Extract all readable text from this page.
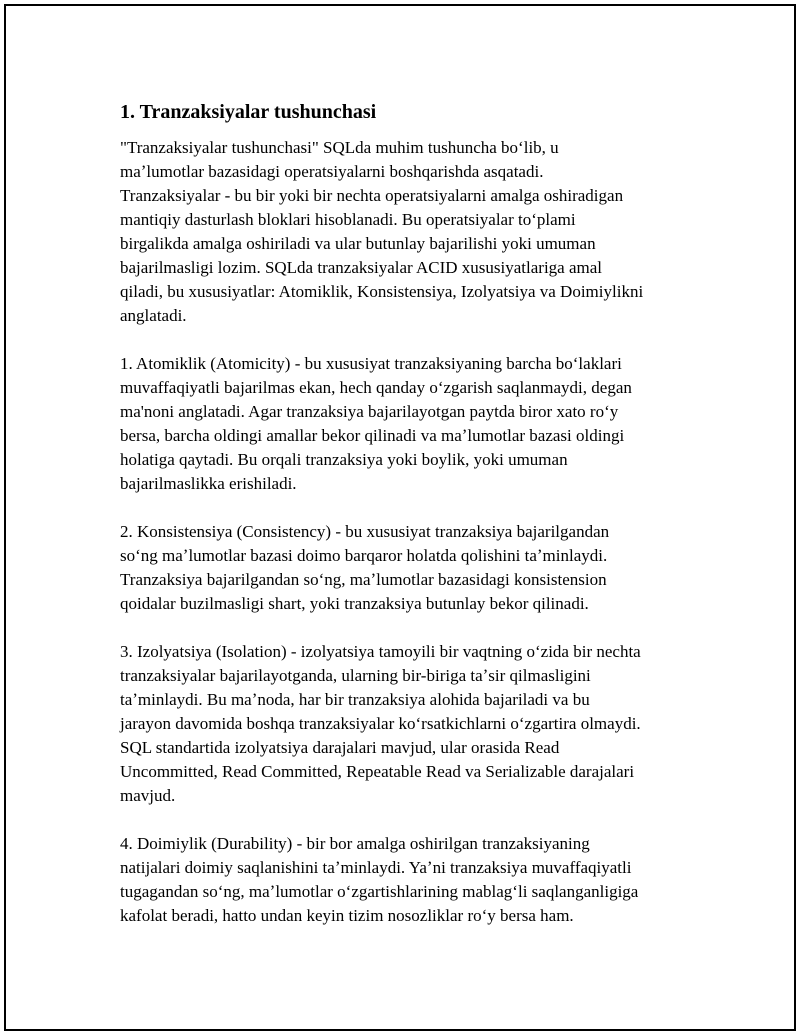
1. Tranzaksiyalar tushunchasi

"Tranzaksiyalar tushunchasi" SQLda muhim tushuncha boʻlib, u
maʼlumotlar bazasidagi operatsiyalarni boshqarishda asqatadi.
Tranzaksiyalar - bu bir yoki bir nechta operatsiyalarni amalga oshiradigan
mantiqiy dasturlash bloklari hisoblanadi. Bu operatsiyalar toʻplami
birgalikda amalga oshiriladi va ular butunlay bajarilishi yoki umuman
bajarilmasligi lozim. SQLda tranzaksiyalar ACID xususiyatlariga amal
qiladi, bu xususiyatlar: Atomiklik, Konsistensiya, Izolyatsiya va Doimiylikni
anglatadi.

1. Atomiklik (Atomicity) - bu xususiyat tranzaksiyaning barcha boʻlaklari
muvaffaqiyatli bajarilmas ekan, hech qanday oʻzgarish saqlanmaydi, degan
ma'noni anglatadi. Agar tranzaksiya bajarilayotgan paytda biror xato roʻy
bersa, barcha oldingi amallar bekor qilinadi va maʼlumotlar bazasi oldingi
holatiga qaytadi. Bu orqali tranzaksiya yoki boylik, yoki umuman
bajarilmaslikka erishiladi.

2. Konsistensiya (Consistency) - bu xususiyat tranzaksiya bajarilgandan
soʻng maʼlumotlar bazasi doimo barqaror holatda qolishini taʼminlaydi.
Tranzaksiya bajarilgandan soʻng, maʼlumotlar bazasidagi konsistension
qoidalar buzilmasligi shart, yoki tranzaksiya butunlay bekor qilinadi.

3. Izolyatsiya (Isolation) - izolyatsiya tamoyili bir vaqtning oʻzida bir nechta
tranzaksiyalar bajarilayotganda, ularning bir-biriga taʼsir qilmasligini
taʼminlaydi. Bu maʼnoda, har bir tranzaksiya alohida bajariladi va bu
jarayon davomida boshqa tranzaksiyalar koʻrsatkichlarni oʻzgartira olmaydi.
SQL standartida izolyatsiya darajalari mavjud, ular orasida Read
Uncommitted, Read Committed, Repeatable Read va Serializable darajalari
mavjud.

4. Doimiylik (Durability) - bir bor amalga oshirilgan tranzaksiyaning
natijalari doimiy saqlanishini taʼminlaydi. Yaʼni tranzaksiya muvaffaqiyatli
tugagandan soʻng, maʼlumotlar oʻzgartishlarining mablagʻli saqlanganligiga
kafolat beradi, hatto undan keyin tizim nosozliklar roʻy bersa ham.
